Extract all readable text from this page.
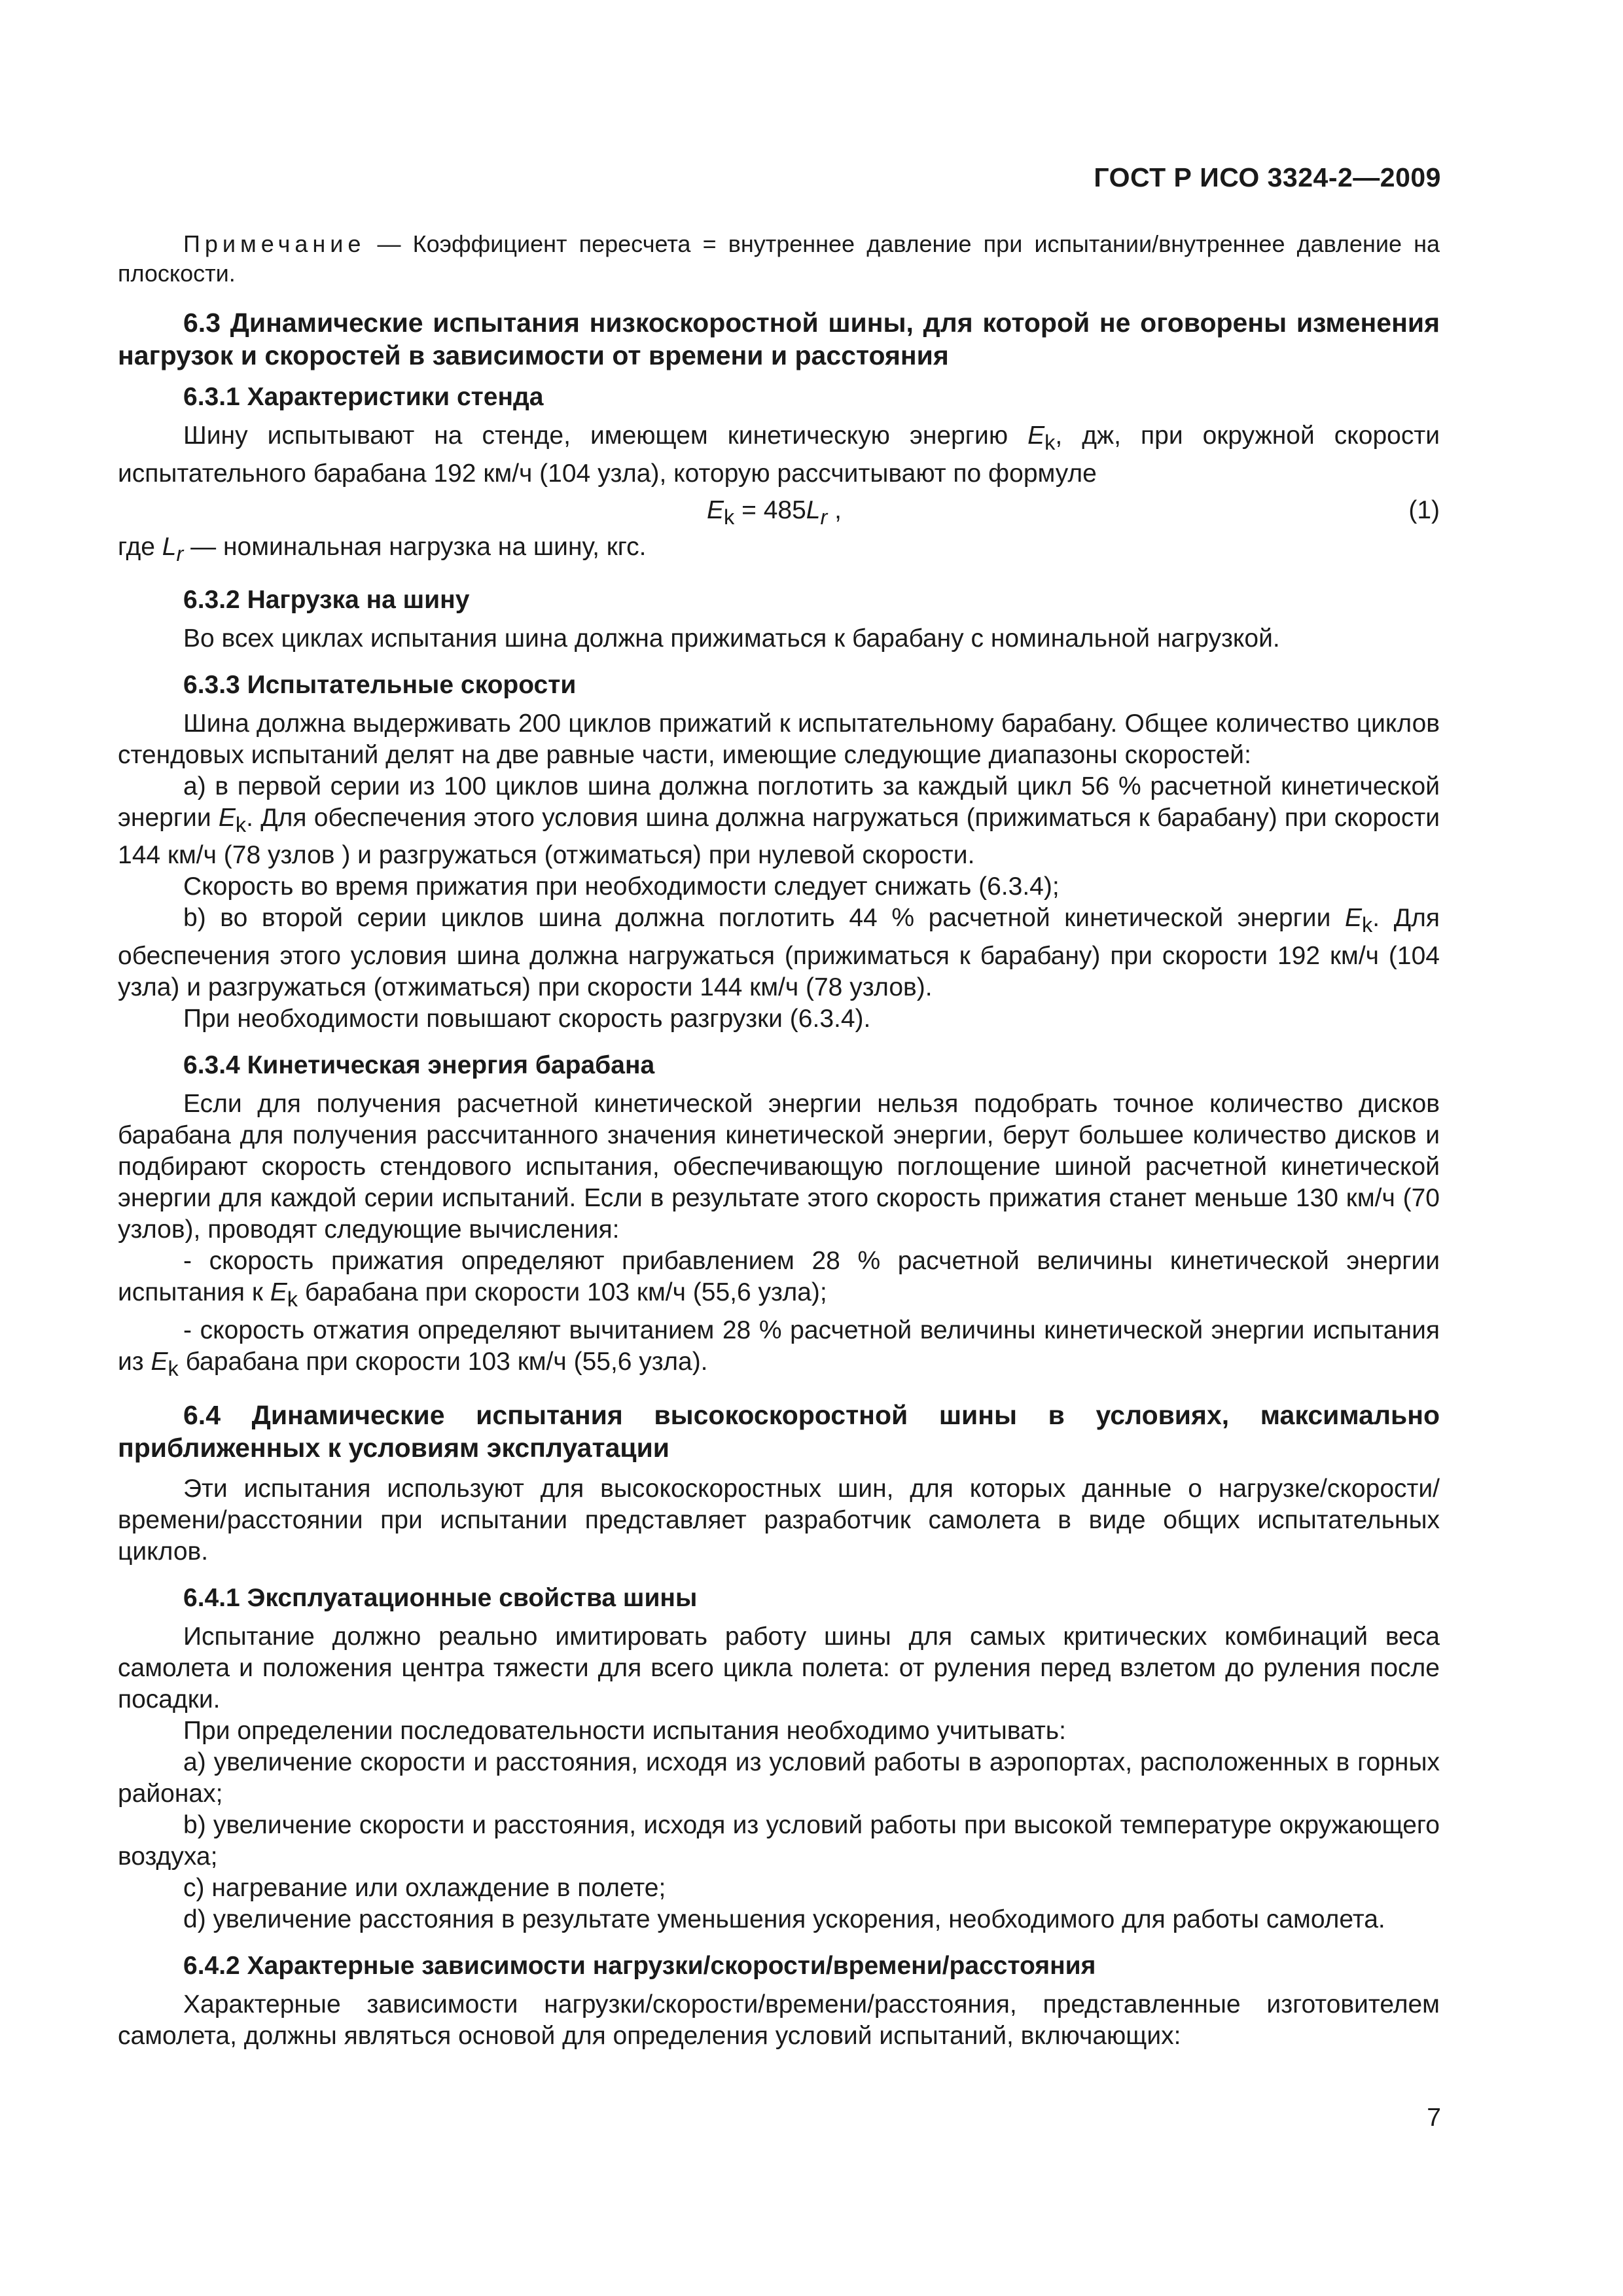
ГОСТ Р ИСО 3324-2—2009

Примечание — Коэффициент пересчета = внутреннее давление при испытании/внутреннее давление на плоскости.

6.3 Динамические испытания низкоскоростной шины, для которой не оговорены изменения нагрузок и скоростей в зависимости от времени и расстояния
6.3.1 Характеристики стенда

Шину испытывают на стенде, имеющем кинетическую энергию $E_k$, дж, при окружной скорости испытательного барабана 192 км/ч (104 узла), которую рассчитывают по формуле

$E_k = 485L_r$ ,	(1)

где $L_r$ — номинальная нагрузка на шину, кгс.

6.3.2 Нагрузка на шину

Во всех циклах испытания шина должна прижиматься к барабану с номинальной нагрузкой.

6.3.3 Испытательные скорости

Шина должна выдерживать 200 циклов прижатий к испытательному барабану. Общее количество циклов стендовых испытаний делят на две равные части, имеющие следующие диапазоны скоростей:

а) в первой серии из 100 циклов шина должна поглотить за каждый цикл 56 % расчетной кинетической энергии $E_k$. Для обеспечения этого условия шина должна нагружаться (прижиматься к барабану) при скорости 144 км/ч (78 узлов ) и разгружаться (отжиматься) при нулевой скорости.

Скорость во время прижатия при необходимости следует снижать (6.3.4);

b) во второй серии циклов шина должна поглотить 44 % расчетной кинетической энергии $E_k$. Для обеспечения этого условия шина должна нагружаться (прижиматься к барабану) при скорости 192 км/ч (104 узла) и разгружаться (отжиматься) при скорости 144 км/ч (78 узлов).

При необходимости повышают скорость разгрузки (6.3.4).

6.3.4 Кинетическая энергия барабана

Если для получения расчетной кинетической энергии нельзя подобрать точное количество дисков барабана для получения рассчитанного значения кинетической энергии, берут большее количество дисков и подбирают скорость стендового испытания, обеспечивающую поглощение шиной расчетной кинетической энергии для каждой серии испытаний. Если в результате этого скорость прижатия станет меньше 130 км/ч (70 узлов), проводят следующие вычисления:

- скорость прижатия определяют прибавлением 28 % расчетной величины кинетической энергии испытания к $E_k$ барабана при скорости 103 км/ч (55,6 узла);

- скорость отжатия определяют вычитанием 28 % расчетной величины кинетической энергии испытания из $E_k$ барабана при скорости 103 км/ч (55,6 узла).

6.4 Динамические испытания высокоскоростной шины в условиях, максимально приближенных к условиям эксплуатации

Эти испытания используют для высокоскоростных шин, для которых данные о нагрузке/скорости/времени/расстоянии при испытании представляет разработчик самолета в виде общих испытательных циклов.

6.4.1 Эксплуатационные свойства шины

Испытание должно реально имитировать работу шины для самых критических комбинаций веса самолета и положения центра тяжести для всего цикла полета: от руления перед взлетом до руления после посадки.

При определении последовательности испытания необходимо учитывать:

а) увеличение скорости и расстояния, исходя из условий работы в аэропортах, расположенных в горных районах;

b) увеличение скорости и расстояния, исходя из условий работы при высокой температуре окружающего воздуха;

с) нагревание или охлаждение в полете;

d) увеличение расстояния в результате уменьшения ускорения, необходимого для работы самолета.

6.4.2 Характерные зависимости нагрузки/скорости/времени/расстояния

Характерные зависимости нагрузки/скорости/времени/расстояния, представленные изготовителем самолета, должны являться основой для определения условий испытаний, включающих:

7
